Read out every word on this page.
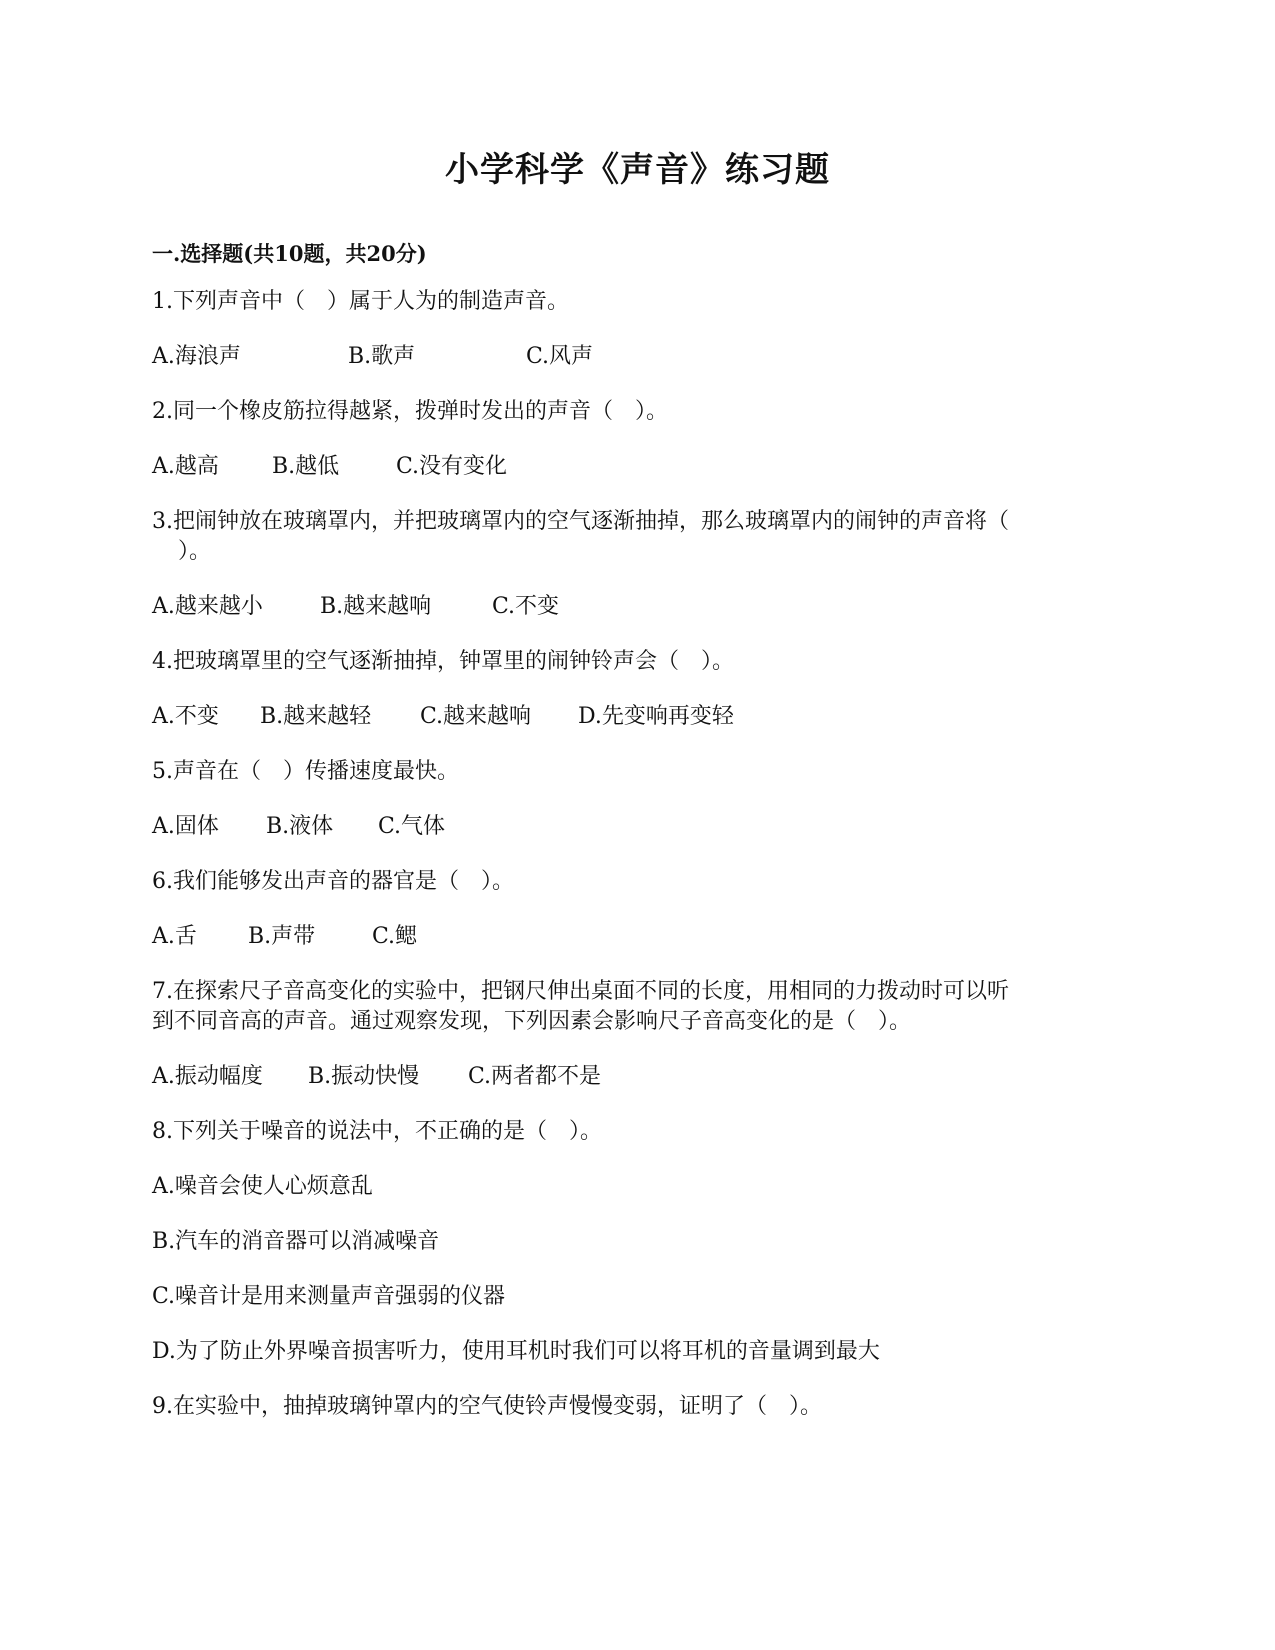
小学科学《声音》练习题
一.选择题(共10题，共20分)
1.下列声音中（　）属于人为的制造声音。
A.海浪声	B.歌声	C.风声
2.同一个橡皮筋拉得越紧，拨弹时发出的声音（　）。
A.越高 B.越低	C.没有变化
3.把闹钟放在玻璃罩内，并把玻璃罩内的空气逐渐抽掉，那么玻璃罩内的闹钟的声音将（
）。
A.越来越小	B.越来越响	C.不变
4.把玻璃罩里的空气逐渐抽掉，钟罩里的闹钟铃声会（　）。
A.不变 B.越来越轻 C.越来越响 D.先变响再变轻
5.声音在（　）传播速度最快。
A.固体 B.液体 C.气体
6.我们能够发出声音的器官是（　）。
A.舌 B.声带	C.鳃
7.在探索尺子音高变化的实验中，把钢尺伸出桌面不同的长度，用相同的力拨动时可以听
到不同音高的声音。通过观察发现，下列因素会影响尺子音高变化的是（　）。
A.振动幅度 B.振动快慢 C.两者都不是
8.下列关于噪音的说法中，不正确的是（　）。
A.噪音会使人心烦意乱
B.汽车的消音器可以消减噪音
C.噪音计是用来测量声音强弱的仪器
D.为了防止外界噪音损害听力，使用耳机时我们可以将耳机的音量调到最大
9.在实验中，抽掉玻璃钟罩内的空气使铃声慢慢变弱，证明了（　）。
